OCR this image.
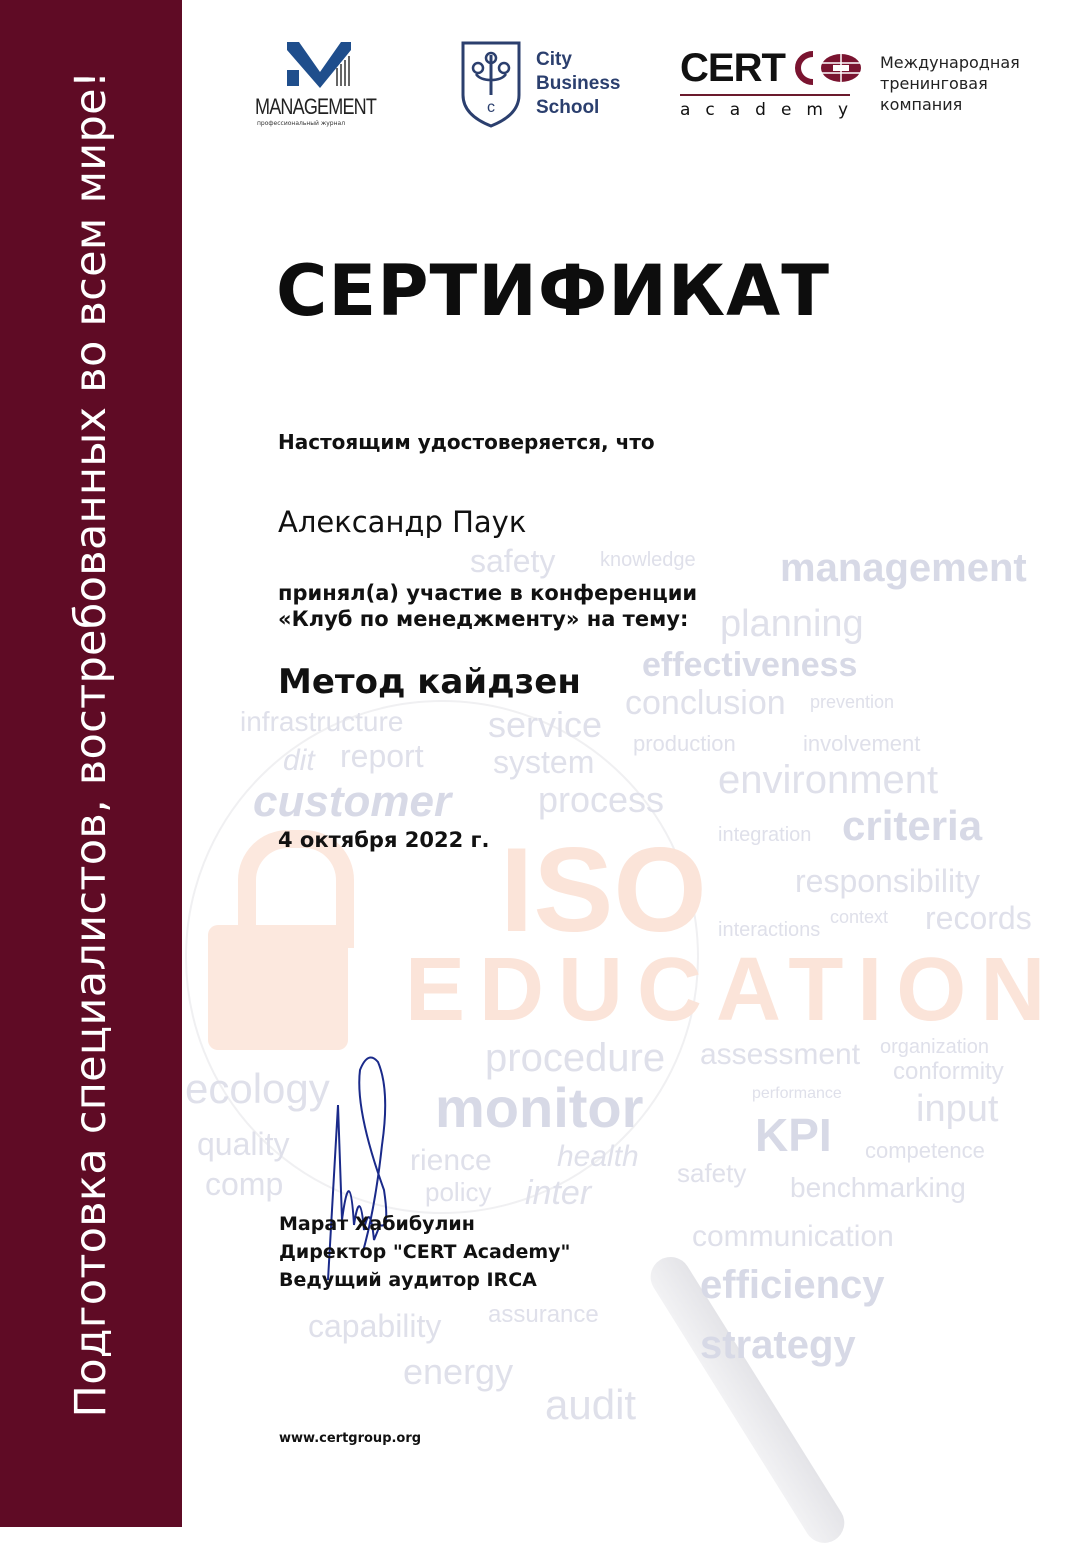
Подготовка специалистов, востребованных во всем мире!	ISO
EDUCATION
safety knowledge
planning
management
effectiveness
conclusion prevention
infrastructure service production	involvement
dit report system	environment
customer process
criteria
integration
responsibility
context
interactions	records
procedure assessment organization
conformity
ecology monitor	performance input
KPI competence
quality	rience health safety benchmarking
comp	policy inter
communication
efficiency
capability assurance
strategy
energy
audit
MANAGEMENT
профессиональный журнал
c
City
Business
School
CERT
academy
Международная
тренинговая
компания
СЕРТИФИКАТ
Настоящим удостоверяется, что
Александр Паук
принял(а) участие в конференции
«Клуб по менеджменту» на тему:
Метод кайдзен
4 октября 2022 г.
Марат Хабибулин
Директор "CERT Academy"
Ведущий аудитор IRCA
www.certgroup.org
